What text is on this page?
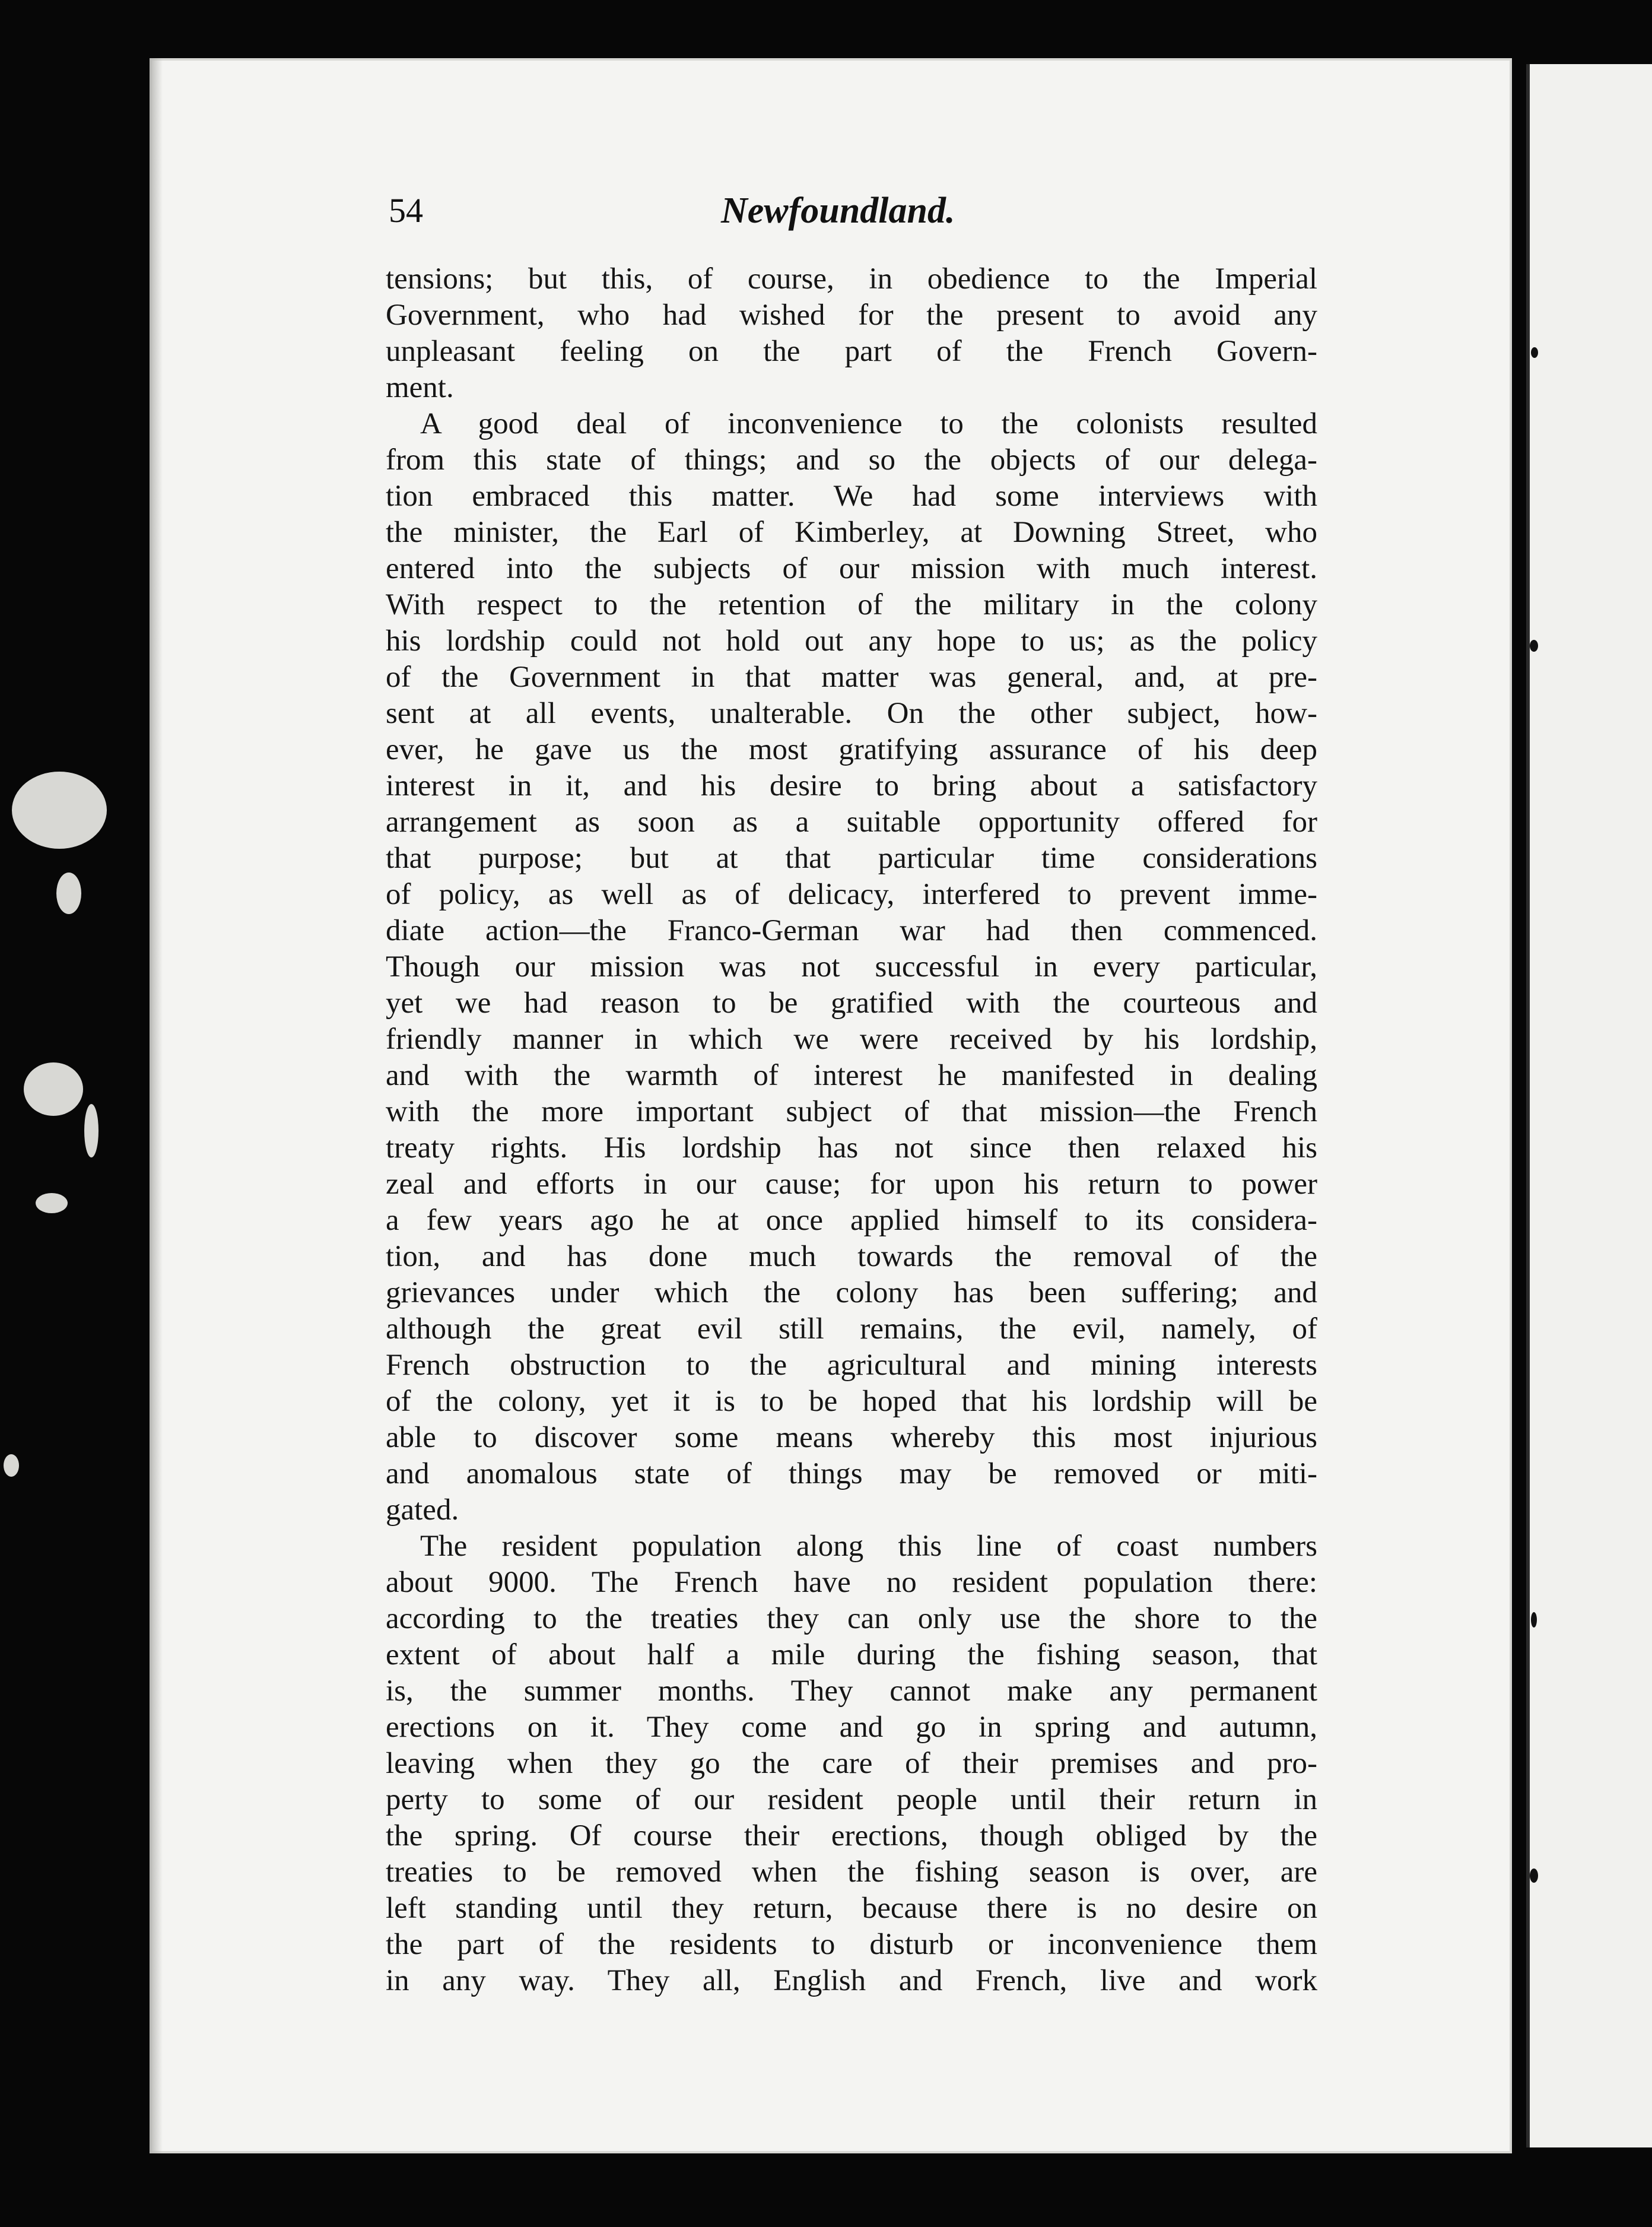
54	Newfoundland.
tensions; but this, of course, in obedience to the Imperial
Government, who had wished for the present to avoid any
unpleasant feeling on the part of the French Govern-
ment.
A good deal of inconvenience to the colonists resulted
from this state of things; and so the objects of our delega-
tion embraced this matter. We had some interviews with
the minister, the Earl of Kimberley, at Downing Street, who
entered into the subjects of our mission with much interest.
With respect to the retention of the military in the colony
his lordship could not hold out any hope to us; as the policy
of the Government in that matter was general, and, at pre-
sent at all events, unalterable. On the other subject, how-
ever, he gave us the most gratifying assurance of his deep
interest in it, and his desire to bring about a satisfactory
arrangement as soon as a suitable opportunity offered for
that purpose; but at that particular time considerations
of policy, as well as of delicacy, interfered to prevent imme-
diate action—the Franco-German war had then commenced.
Though our mission was not successful in every particular,
yet we had reason to be gratified with the courteous and
friendly manner in which we were received by his lordship,
and with the warmth of interest he manifested in dealing
with the more important subject of that mission—the French
treaty rights. His lordship has not since then relaxed his
zeal and efforts in our cause; for upon his return to power
a few years ago he at once applied himself to its considera-
tion, and has done much towards the removal of the
grievances under which the colony has been suffering; and
although the great evil still remains, the evil, namely, of
French obstruction to the agricultural and mining interests
of the colony, yet it is to be hoped that his lordship will be
able to discover some means whereby this most injurious
and anomalous state of things may be removed or miti-
gated.
The resident population along this line of coast numbers
about 9000. The French have no resident population there:
according to the treaties they can only use the shore to the
extent of about half a mile during the fishing season, that
is, the summer months. They cannot make any permanent
erections on it. They come and go in spring and autumn,
leaving when they go the care of their premises and pro-
perty to some of our resident people until their return in
the spring. Of course their erections, though obliged by the
treaties to be removed when the fishing season is over, are
left standing until they return, because there is no desire on
the part of the residents to disturb or inconvenience them
in any way. They all, English and French, live and work
